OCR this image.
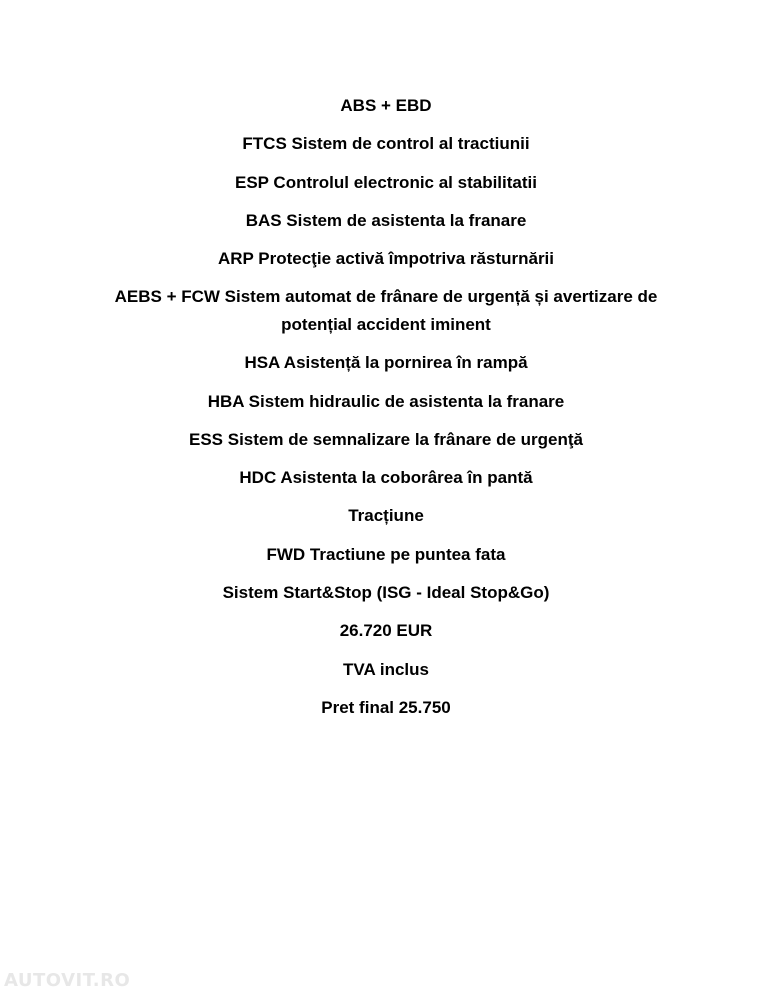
ABS + EBD
FTCS Sistem de control al tractiunii
ESP Controlul electronic al stabilitatii
BAS Sistem de asistenta la franare
ARP Protecţie activă împotriva răsturnării
AEBS + FCW Sistem automat de frânare de urgență și avertizare de potențial accident iminent
HSA Asistență la pornirea în rampă
HBA Sistem hidraulic de asistenta la franare
ESS Sistem de semnalizare la frânare de urgenţă
HDC Asistenta la coborârea în pantă
Tracțiune
FWD Tractiune pe puntea fata
Sistem Start&Stop (ISG - Ideal Stop&Go)
26.720 EUR
TVA inclus
Pret final 25.750
AUTOVIT.RO
